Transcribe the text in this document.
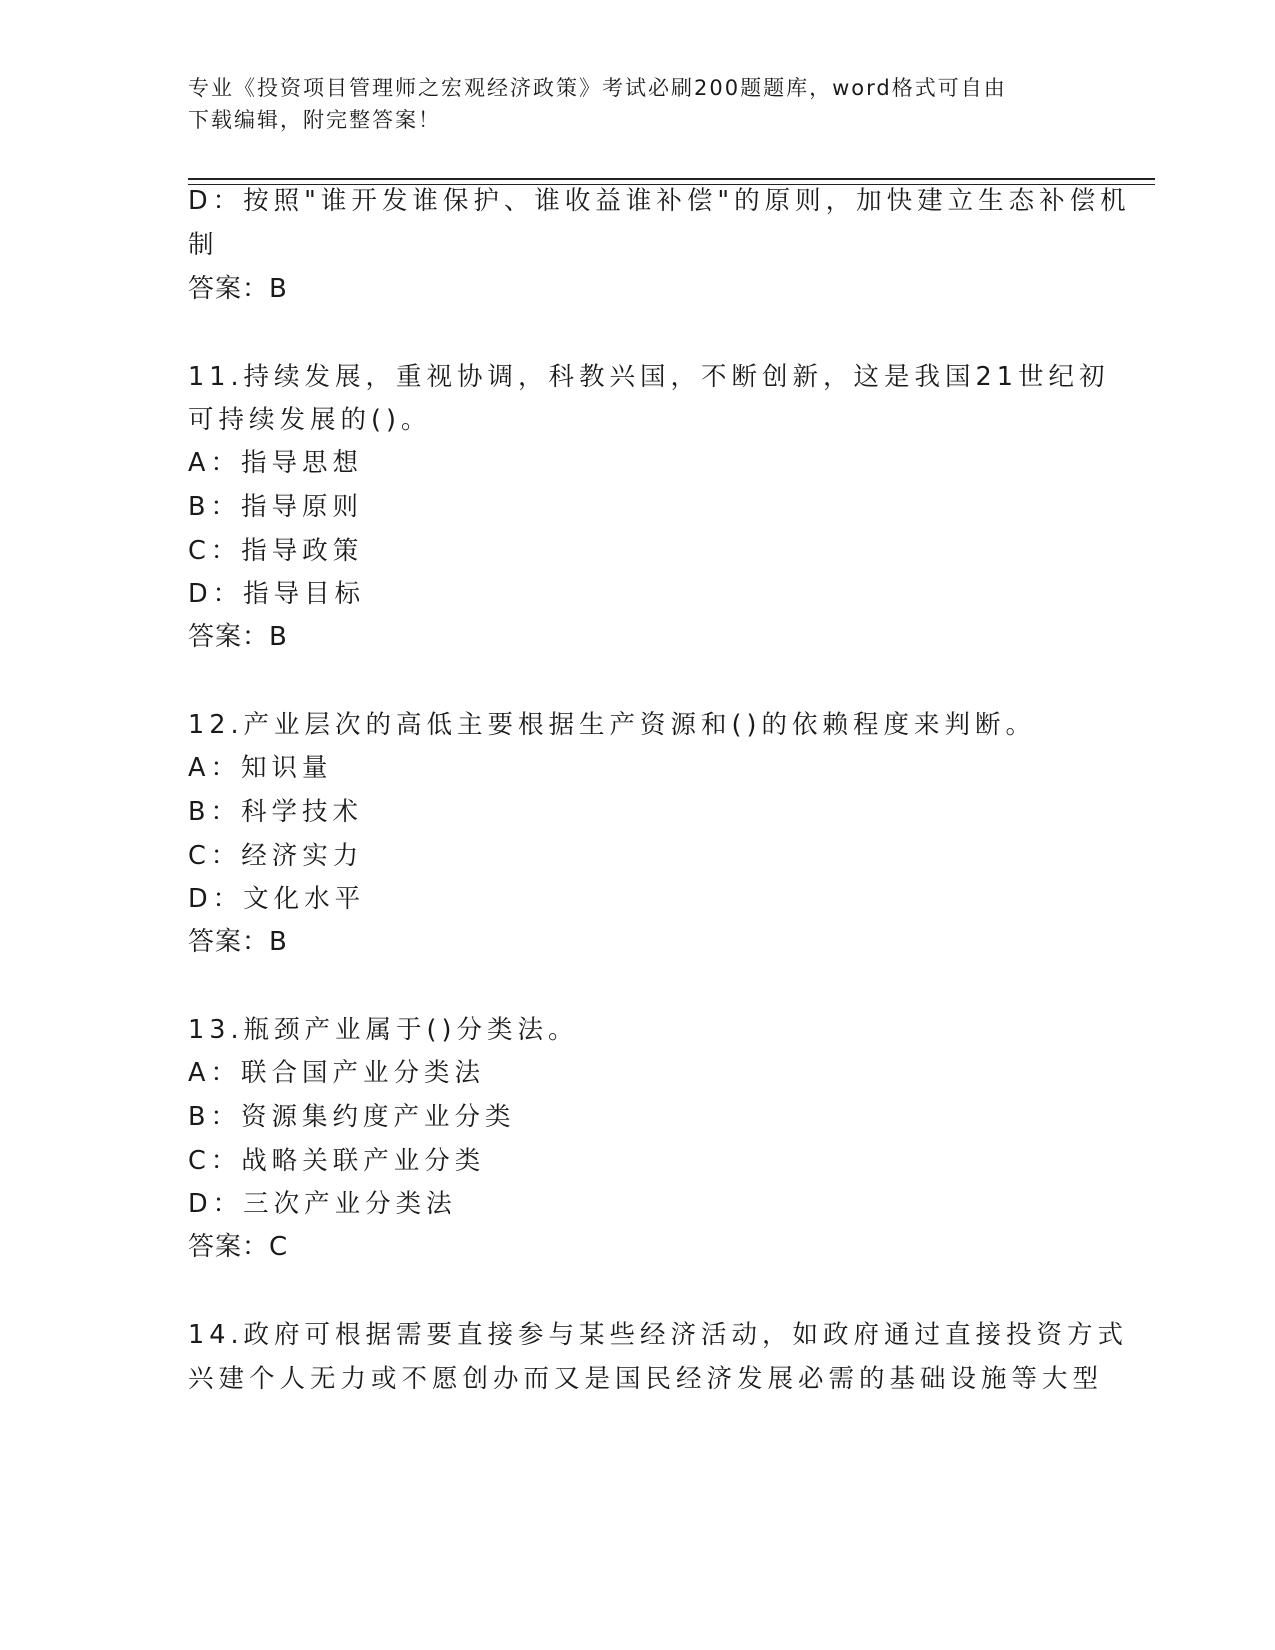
专业《投资项目管理师之宏观经济政策》考试必刷200题题库，word格式可自由
下载编辑，附完整答案！
D：按照"谁开发谁保护、谁收益谁补偿"的原则，加快建立生态补偿机
制
答案：B
11.持续发展，重视协调，科教兴国，不断创新，这是我国21世纪初
可持续发展的()。
A：指导思想
B：指导原则
C：指导政策
D：指导目标
答案：B
12.产业层次的高低主要根据生产资源和()的依赖程度来判断。
A：知识量
B：科学技术
C：经济实力
D：文化水平
答案：B
13.瓶颈产业属于()分类法。
A：联合国产业分类法
B：资源集约度产业分类
C：战略关联产业分类
D：三次产业分类法
答案：C
14.政府可根据需要直接参与某些经济活动，如政府通过直接投资方式
兴建个人无力或不愿创办而又是国民经济发展必需的基础设施等大型
